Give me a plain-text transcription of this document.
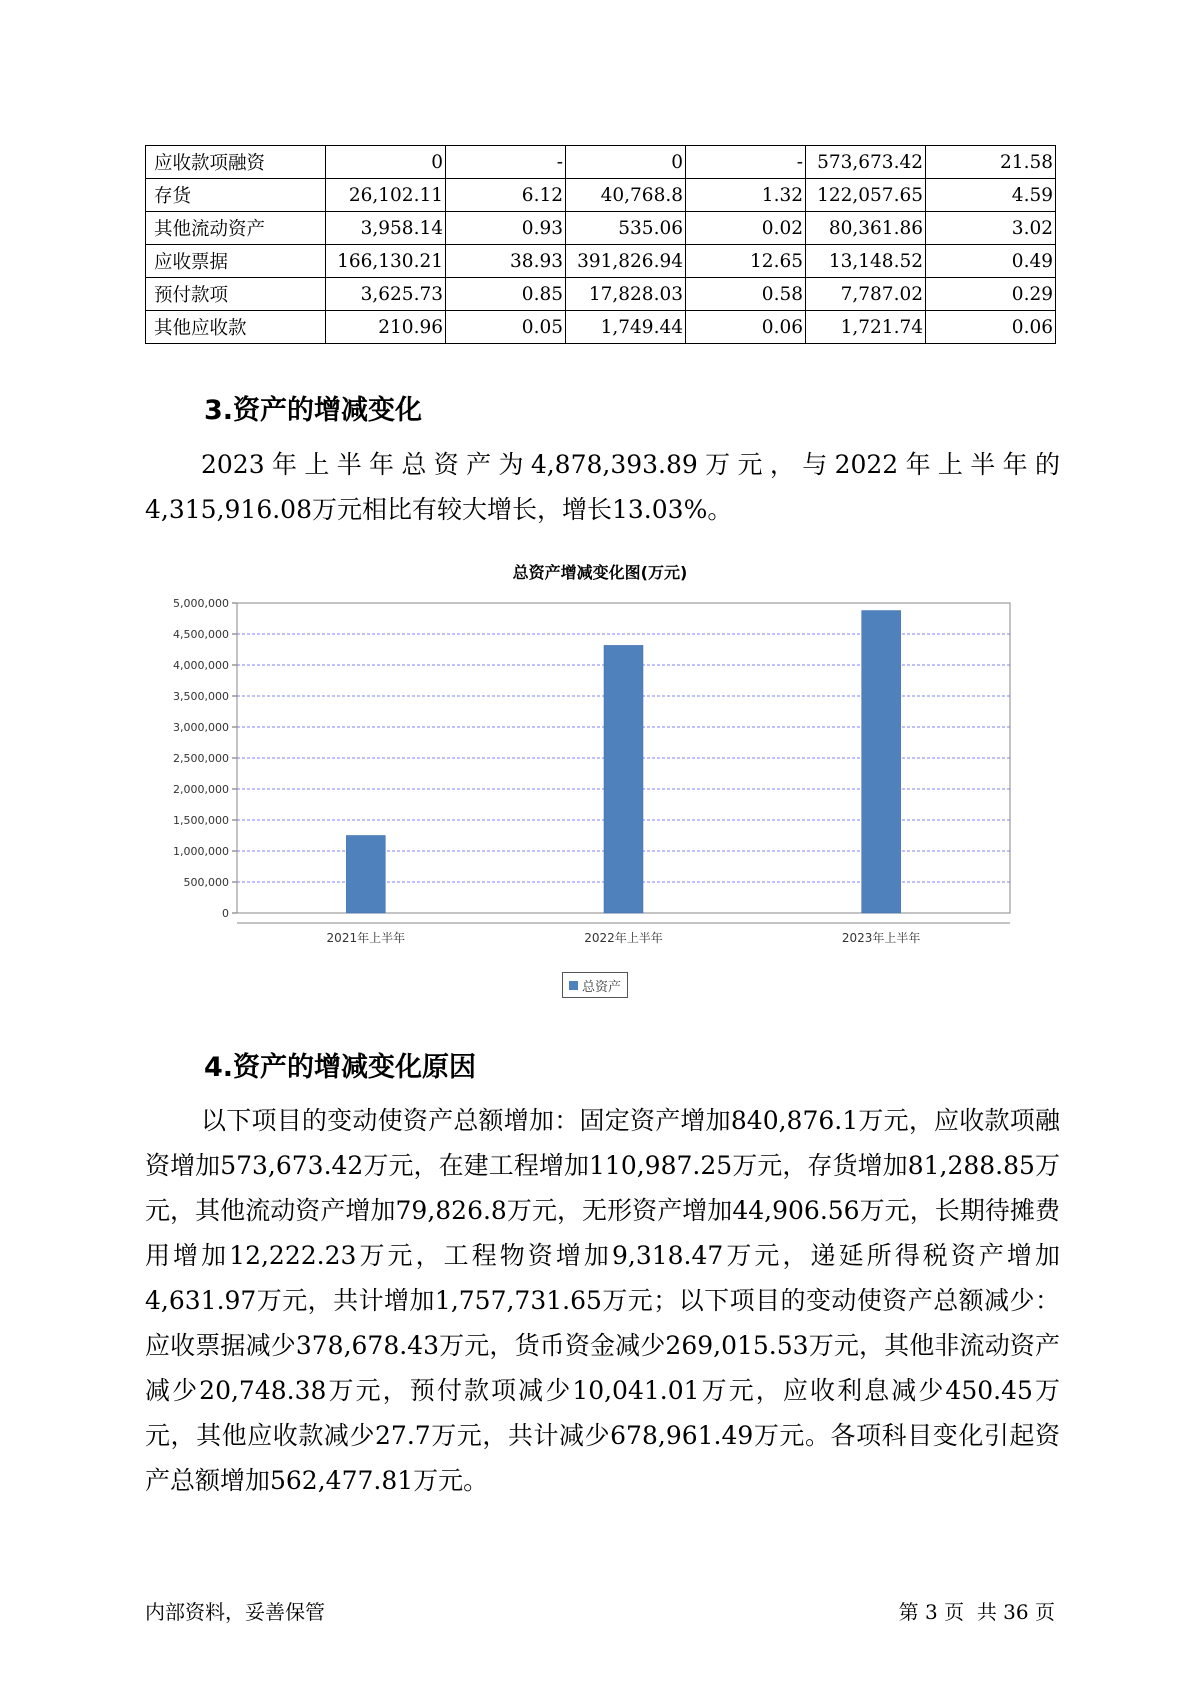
应收款项融资	0	-	0	-	573,673.42	21.58
存货	26,102.11	6.12	40,768.8	1.32	122,057.65	4.59
其他流动资产	3,958.14	0.93	535.06	0.02	80,361.86	3.02
应收票据	166,130.21	38.93	391,826.94	12.65	13,148.52	0.49
预付款项	3,625.73	0.85	17,828.03	0.58	7,787.02	0.29
其他应收款	210.96	0.05	1,749.44	0.06	1,721.74	0.06
3.资产的增减变化

2023年上半年总资产为4,878,393.89万元，与2022年上半年的4,315,916.08万元相比有较大增长，增长13.03%。

总资产增减变化图(万元)
0
500,000
1,000,000
1,500,000
2,000,000
2,500,000
3,000,000
3,500,000
4,000,000
4,500,000
5,000,000
2021年上半年	2022年上半年	2023年上半年
总资产
4.资产的增减变化原因

以下项目的变动使资产总额增加：固定资产增加840,876.1万元，应收款项融资增加573,673.42万元，在建工程增加110,987.25万元，存货增加81,288.85万元，其他流动资产增加79,826.8万元，无形资产增加44,906.56万元，长期待摊费用增加12,222.23万元，工程物资增加9,318.47万元，递延所得税资产增加4,631.97万元，共计增加1,757,731.65万元；以下项目的变动使资产总额减少：应收票据减少378,678.43万元，货币资金减少269,015.53万元，其他非流动资产减少20,748.38万元，预付款项减少10,041.01万元，应收利息减少450.45万元，其他应收款减少27.7万元，共计减少678,961.49万元。各项科目变化引起资产总额增加562,477.81万元。

内部资料，妥善保管	第 3 页  共 36 页
